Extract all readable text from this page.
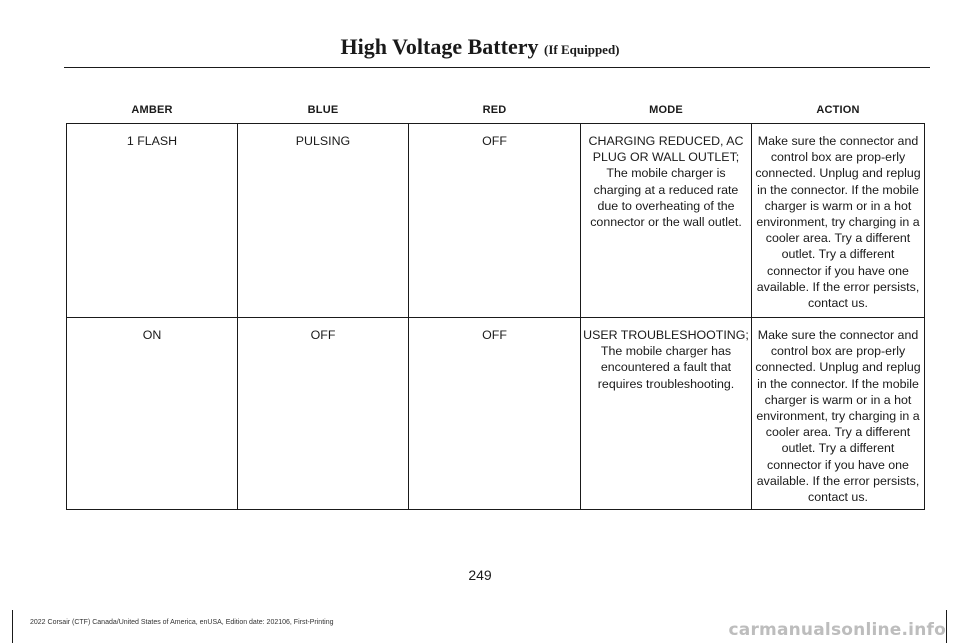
High Voltage Battery (If Equipped)
AMBER	BLUE	RED	MODE	ACTION
1 FLASH	PULSING	OFF	CHARGING REDUCED, AC PLUG OR WALL OUTLET; The mobile charger is charging at a reduced rate due to overheating of the connector or the wall outlet.	Make sure the connector and control box are prop-erly connected. Unplug and replug in the connector. If the mobile charger is warm or in a hot environment, try charging in a cooler area. Try a different outlet. Try a different connector if you have one available. If the error persists, contact us.
ON	OFF	OFF	USER TROUBLESHOOTING; The mobile charger has encountered a fault that requires troubleshooting.	Make sure the connector and control box are prop-erly connected. Unplug and replug in the connector. If the mobile charger is warm or in a hot environment, try charging in a cooler area. Try a different outlet. Try a different connector if you have one available. If the error persists, contact us.
249
2022 Corsair (CTF) Canada/United States of America, enUSA, Edition date: 202106, First-Printing	carmanualsonline.info
